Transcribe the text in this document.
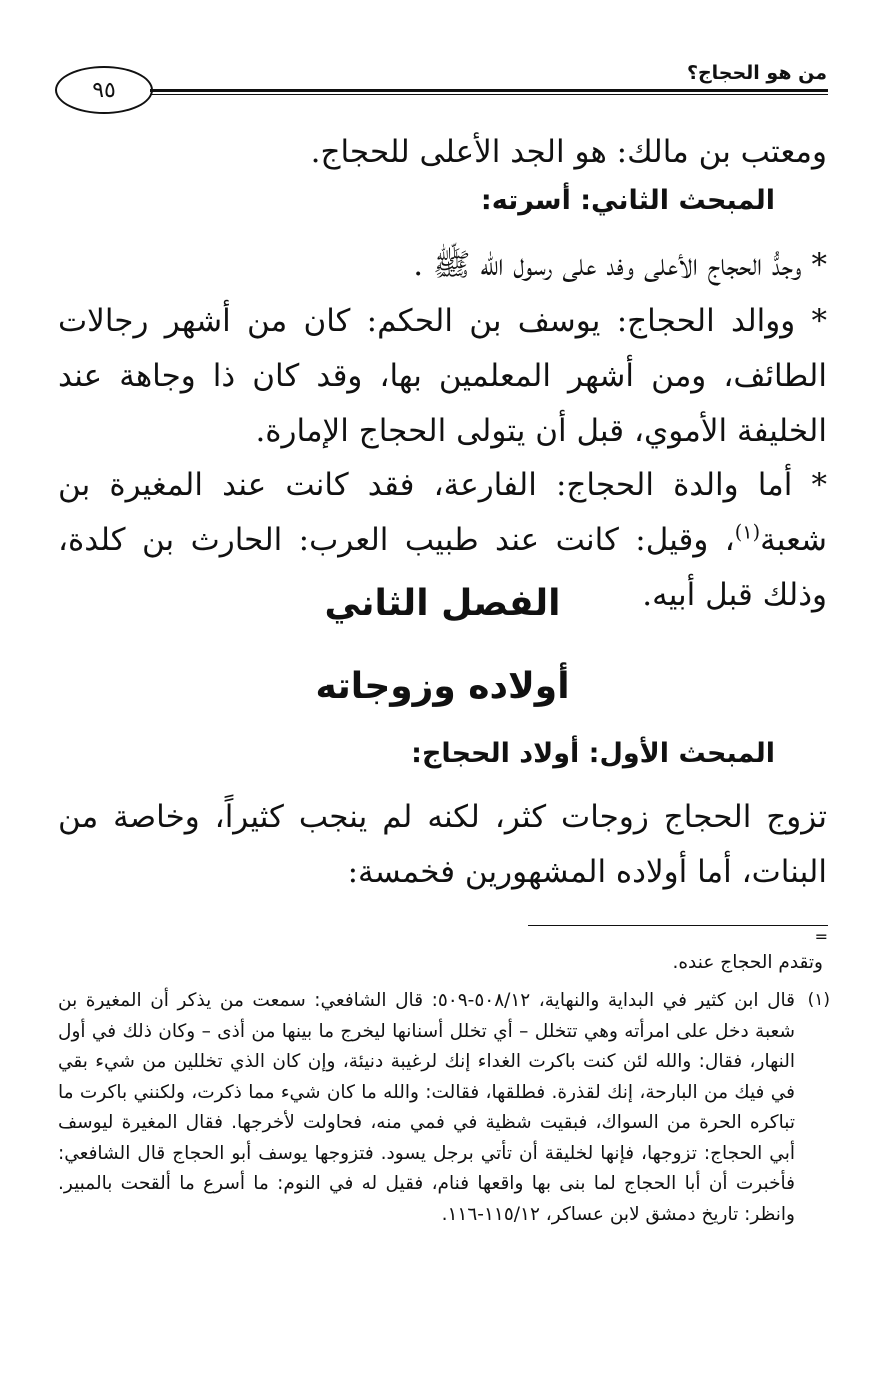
من هو الحجاج؟
٩٥

ومعتب بن مالك: هو الجد الأعلى للحجاج.

المبحث الثاني: أسرته:

* وجدُّ الحجاج الأعلى وفد على رسول الله ﷺ .

* ووالد الحجاج: يوسف بن الحكم: كان من أشهر رجالات الطائف، ومن أشهر المعلمين بها، وقد كان ذا وجاهة عند الخليفة الأموي، قبل أن يتولى الحجاج الإمارة.

* أما والدة الحجاج: الفارعة، فقد كانت عند المغيرة بن شعبة$^{(١)}$، وقيل: كانت عند طبيب العرب: الحارث بن كلدة، وذلك قبل أبيه.

الفصل الثاني
أولاده وزوجاته
المبحث الأول: أولاد الحجاج:

تزوج الحجاج زوجات كثر، لكنه لم ينجب كثيراً، وخاصة من البنات، أما أولاده المشهورين فخمسة:

=

وتقدم الحجاج عنده.

(١)

قال ابن كثير في البداية والنهاية، ٥٠٨/١٢-٥٠٩: قال الشافعي: سمعت من يذكر أن المغيرة بن شعبة دخل على امرأته وهي تتخلل – أي تخلل أسنانها ليخرج ما بينها من أذى – وكان ذلك في أول النهار، فقال: والله لئن كنت باكرت الغداء إنك لرغيبة دنيئة، وإن كان الذي تخللين من شيء بقي في فيك من البارحة، إنك لقذرة. فطلقها، فقالت: والله ما كان شيء مما ذكرت، ولكنني باكرت ما تباكره الحرة من السواك، فبقيت شظية في فمي منه، فحاولت لأخرجها. فقال المغيرة ليوسف أبي الحجاج: تزوجها، فإنها لخليقة أن تأتي برجل يسود. فتزوجها يوسف أبو الحجاج قال الشافعي: فأخبرت أن أبا الحجاج لما بنى بها واقعها فنام، فقيل له في النوم: ما أسرع ما ألقحت بالمبير. وانظر: تاريخ دمشق لابن عساكر، ١١٥/١٢-١١٦.
